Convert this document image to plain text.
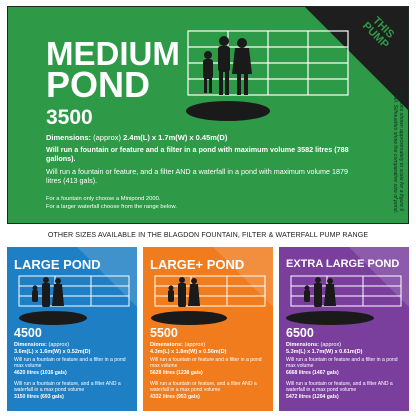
THIS PUMP
Illustrations shown approximately to scale for a figure 6 feet tall. Silhouettes show the comparative size of pond.
MEDIUM
POND
3500
Dimensions: (approx) 2.4m(L) x 1.7m(W) x 0.45m(D)
Will run a fountain or feature and a filter in a pond with maximum volume 3582 litres (788 gallons).
Will run a fountain or feature, and a filter AND a waterfall in a pond with maximum volume 1879 litres (413 gals).
For a fountain only choose a Minipond 2000.
For a larger waterfall choose from the range below.
OTHER SIZES AVAILABLE IN THE BLAGDON FOUNTAIN, FILTER & WATERFALL PUMP RANGE
LARGE POND
4500
Dimensions: (approx)
3.6m(L) x 1.6m(W) x 0.52m(D)
Will run a fountain or feature and a filter in a pond max volume
4620 litres (1016 gals)
Will run a fountain or feature, and a filter AND a waterfall in a max pond volume
3150 litres (693 gals)
LARGE+ POND
5500
Dimensions: (approx)
4.3m(L) x 1.8m(W) x 0.56m(D)
Will run a fountain or feature and a filter in a pond max volume
5628 litres (1238 gals)
Will run a fountain or feature, and a filter AND a waterfall in a max pond volume
4332 litres (953 gals)
EXTRA LARGE POND
6500
Dimensions: (approx)
5.3m(L) x 1.7m(W) x 0.61m(D)
Will run a fountain or feature and a filter in a pond max volume
6668 litres (1467 gals)
Will run a fountain or feature, and a filter AND a waterfall in a max pond volume
5472 litres (1204 gals)
